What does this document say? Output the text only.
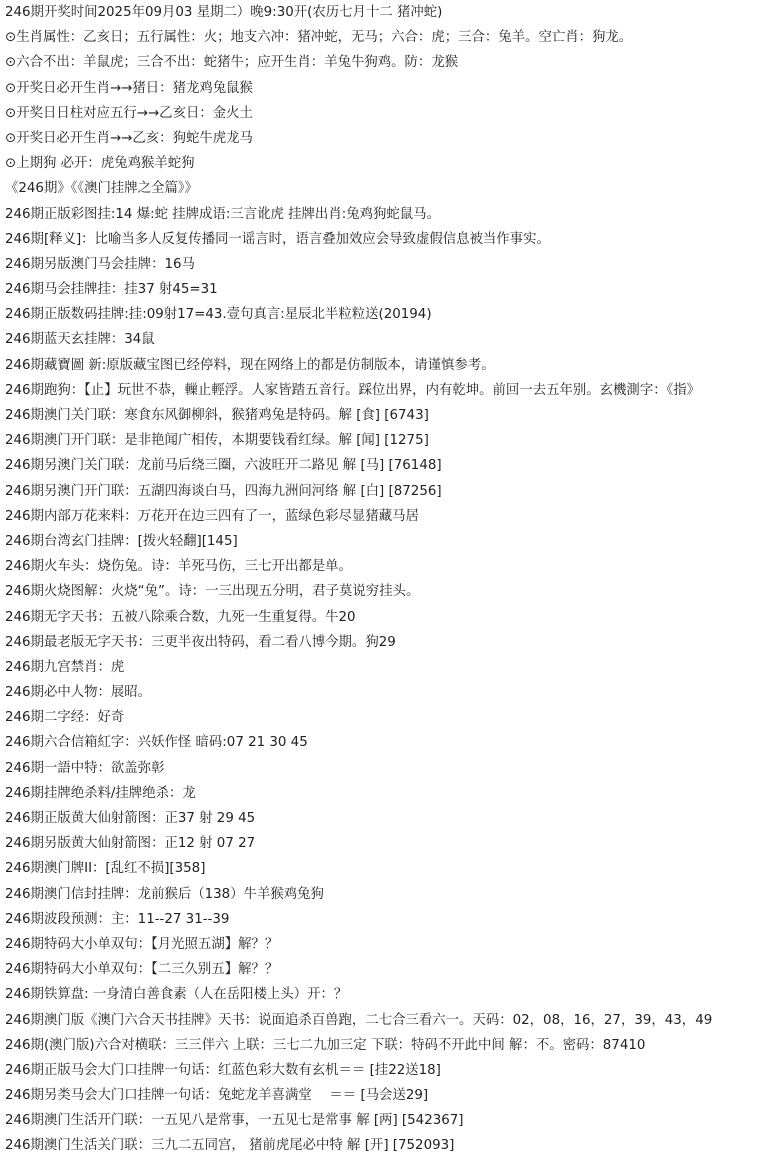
246期开奖时间2025年09月03 星期二）晚9:30开(农历七月十二 猪冲蛇)
⊙生肖属性：乙亥日；五行属性：火；地支六冲：猪冲蛇，无马；六合：虎；三合：兔羊。空亡肖：狗龙。
⊙六合不出：羊鼠虎；三合不出：蛇猪牛；应开生肖：羊兔牛狗鸡。防：龙猴
⊙开奖日必开生肖→→猪日：猪龙鸡兔鼠猴
⊙开奖日日柱对应五行→→乙亥日：金火土
⊙开奖日必开生肖→→乙亥：狗蛇牛虎龙马
⊙上期狗 必开：虎兔鸡猴羊蛇狗
《246期》《《澳门挂牌之全篇》》
246期正版彩图挂:14 爆:蛇 挂牌成语:三言讹虎 挂牌出肖:兔鸡狗蛇鼠马。
246期[释义]：比喻当多人反复传播同一谣言时，语言叠加效应会导致虚假信息被当作事实。
246期另版澳门马会挂牌：16马
246期马会挂牌挂：挂37 射45=31
246期正版数码挂牌:挂:09射17=43.壹句真言:星辰北半粒粒送(20194)
246期蓝天玄挂牌：34鼠
246期藏寶圖 新:原版藏宝图已经停料，现在网络上的都是仿制版本，请谨慎参考。
246期跑狗：【止】玩世不恭，轈止輕浮。人家皆踏五音行。踩位出界，内有乾坤。前回一去五年别。玄機測字：《指》
246期澳门关门联：寒食东风御柳斜，猴猪鸡兔是特码。解 [食] [6743]
246期澳门开门联：是非艳闻广相传，本期要钱看红绿。解 [闻] [1275]
246期另澳门关门联：龙前马后绕三圈，六波旺开二路见 解 [马] [76148]
246期另澳门开门联：五湖四海谈白马，四海九洲问河络 解 [白] [87256]
246期内部万花来料：万花开在边三四有了一，蓝绿色彩尽显猪藏马居
246期台湾玄门挂牌：[拨火轻翻][145]
246期火车头：烧伤兔。诗：羊死马伤，三七开出都是单。
246期火烧图解：火烧“兔”。诗：一三出现五分明，君子莫说穷挂头。
246期无字天书：五被八除乘合数，九死一生重复得。牛20
246期最老版无字天书：三更半夜出特码，看二看八博今期。狗29
246期九宫禁肖：虎
246期必中人物：展昭。
246期二字经：好奇
246期六合信箱紅字：兴妖作怪 暗码:07 21 30 45
246期一語中特：欲盖弥彰
246期挂牌绝杀料/挂牌绝杀：龙
246期正版黄大仙射箭图：正37 射 29 45
246期另版黄大仙射箭图：正12 射 07 27
246期澳门牌II：[乱红不损][358]
246期澳门信封挂牌：龙前猴后（138）牛羊猴鸡兔狗
246期波段预测：主：11--27 31--39
246期特码大小单双句：【月光照五湖】解？？
246期特码大小单双句：【二三久别五】解？？
246期铁算盘: 一身清白善食素（人在岳阳楼上头）开：？
246期澳门版《澳门六合天书挂牌》天书：说面追杀百兽跑，二七合三看六一。天码：02，08，16，27，39，43，49
246期(澳门版)六合对横联：三三伴六 上联：三七二九加三定 下联：特码不开此中间 解：不。密码：87410
246期正版马会大门口挂牌一句话：红蓝色彩大数有玄机＝＝ [挂22送18]
246期另类马会大门口挂牌一句话：兔蛇龙羊喜满堂　 ＝＝ [马会送29]
246期澳门生活开门联：一五见八是常事，一五见七是常事 解 [两] [542367]
246期澳门生活关门联：三九二五同宫， 猪前虎尾必中特 解 [开] [752093]
